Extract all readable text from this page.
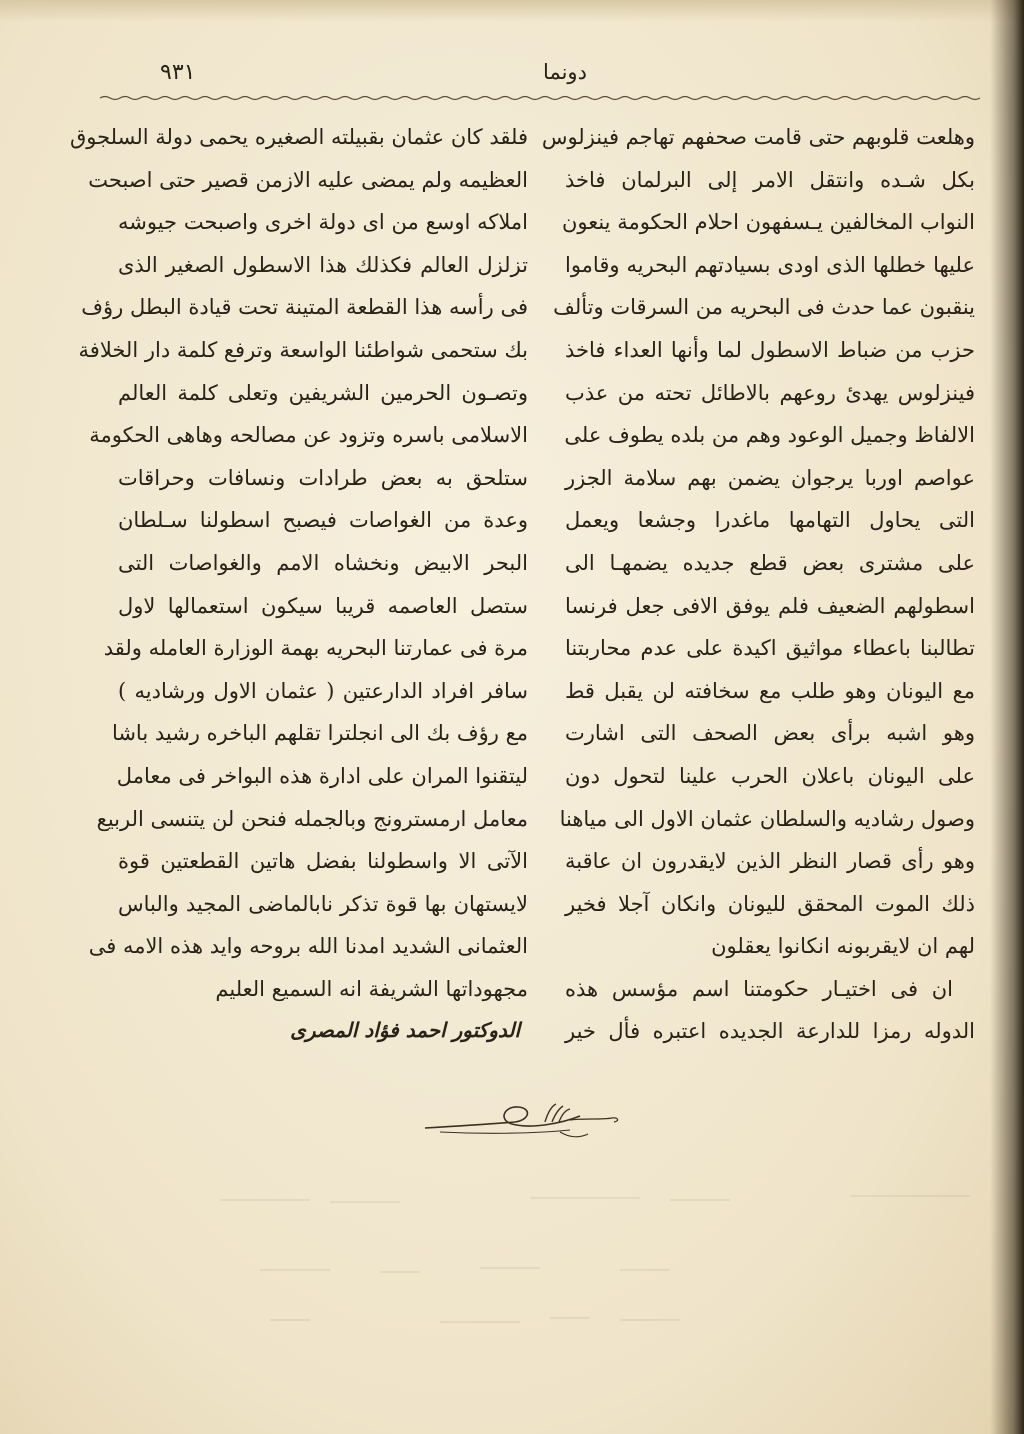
٩٣١	دونما
وهلعت قلوبهم حتى قامت صحفهم تهاجم فينزلوس
بكل شـده وانتقل الامر إلى البرلمان فاخذ
النواب المخالفين يـسفهون احلام الحكومة ينعون
عليها خطلها الذى اودى بسيادتهم البحريه وقاموا
ينقبون عما حدث فى البحريه من السرقات وتألف
حزب من ضباط الاسطول لما وأنها العداء فاخذ
فينزلوس يهدئ روعهم بالاطائل تحته من عذب
الالفاظ وجميل الوعود وهم من بلده يطوف على
عواصم اوربا يرجوان يضمن بهم سلامة الجزر
التى يحاول التهامها ماغدرا وجشعا ويعمل
على مشترى بعض قطع جديده يضمهـا الى
اسطولهم الضعيف فلم يوفق الافى جعل فرنسا
تطالبنا باعطاء مواثيق اكيدة على عدم محاربتنا
مع اليونان وهو طلب مع سخافته لن يقبل قط
وهو اشبه برأى بعض الصحف التى اشارت
على اليونان باعلان الحرب علينا لتحول دون
وصول رشاديه والسلطان عثمان الاول الى مياهنا
وهو رأى قصار النظر الذين لايقدرون ان عاقبة
ذلك الموت المحقق لليونان وانكان آجلا فخير
لهم ان لايقربونه انكانوا يعقلون
ان فى اختيـار حكومتنا اسم مؤسس هذه
الدوله رمزا للدارعة الجديده اعتبره فأل خير
فلقد كان عثمان بقبيلته الصغيره يحمى دولة السلجوق
العظيمه ولم يمضى عليه الازمن قصير حتى اصبحت
املاكه اوسع من اى دولة اخرى واصبحت جيوشه
تزلزل العالم فكذلك هذا الاسطول الصغير الذى
فى رأسه هذا القطعة المتينة تحت قيادة البطل رؤف
بك ستحمى شواطئنا الواسعة وترفع كلمة دار الخلافة
وتصـون الحرمين الشريفين وتعلى كلمة العالم
الاسلامى باسره وتزود عن مصالحه وهاهى الحكومة
ستلحق به بعض طرادات ونسافات وحراقات
وعدة من الغواصات فيصبح اسطولنا سـلطان
البحر الابيض ونخشاه الامم والغواصات التى
ستصل العاصمه قريبا سيكون استعمالها لاول
مرة فى عمارتنا البحريه بهمة الوزارة العامله ولقد
سافر افراد الدارعتين ( عثمان الاول ورشاديه )
مع رؤف بك الى انجلترا تقلهم الباخره رشيد باشا
ليتقنوا المران على ادارة هذه البواخر فى معامل
معامل ارمسترونج وبالجمله فنحن لن يتنسى الربيع
الآتى الا واسطولنا بفضل هاتين القطعتين قوة
لايستهان بها قوة تذكر نابالماضى المجيد والباس
العثمانى الشديد امدنا الله بروحه وايد هذه الامه فى
مجهوداتها الشريفة انه السميع العليم
الدوكتور احمد فؤاد المصرى
